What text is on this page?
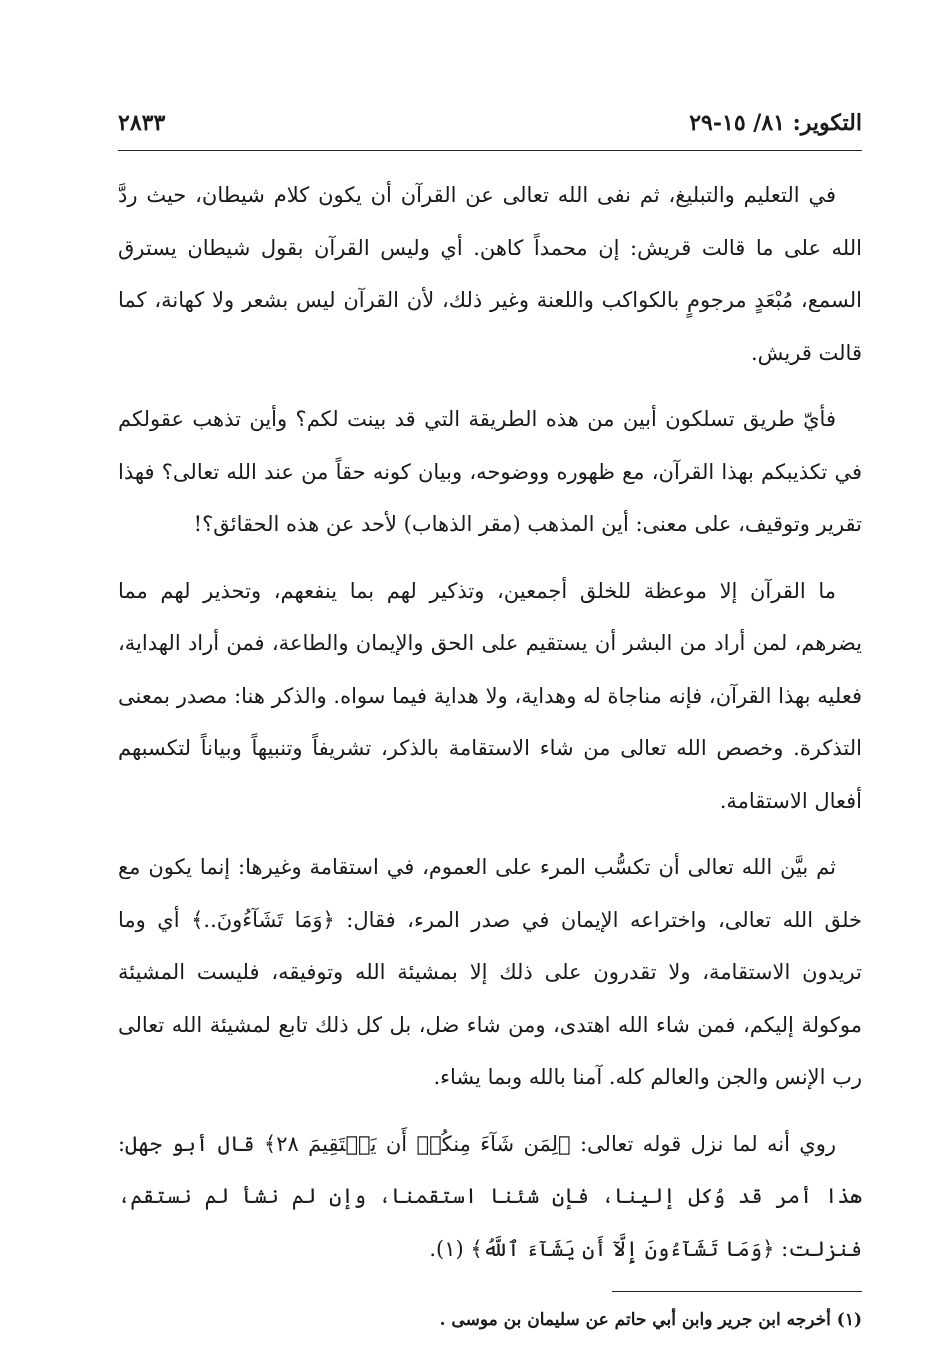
التكوير: ٨١/ ١٥-٢٩
٢٨٣٣

في التعليم والتبليغ، ثم نفى الله تعالى عن القرآن أن يكون كلام شيطان، حيث ردَّ الله على ما قالت قريش: إن محمداً كاهن. أي وليس القرآن بقول شيطان يسترق السمع، مُبْعَدٍ مرجومٍ بالكواكب واللعنة وغير ذلك، لأن القرآن ليس بشعر ولا كهانة، كما قالت قريش.

فأيّ طريق تسلكون أبين من هذه الطريقة التي قد بينت لكم؟ وأين تذهب عقولكم في تكذيبكم بهذا القرآن، مع ظهوره ووضوحه، وبيان كونه حقاً من عند الله تعالى؟ فهذا تقرير وتوقيف، على معنى: أين المذهب (مقر الذهاب) لأحد عن هذه الحقائق؟!

ما القرآن إلا موعظة للخلق أجمعين، وتذكير لهم بما ينفعهم، وتحذير لهم مما يضرهم، لمن أراد من البشر أن يستقيم على الحق والإيمان والطاعة، فمن أراد الهداية، فعليه بهذا القرآن، فإنه مناجاة له وهداية، ولا هداية فيما سواه. والذكر هنا: مصدر بمعنى التذكرة. وخصص الله تعالى من شاء الاستقامة بالذكر، تشريفاً وتنبيهاً وبياناً لتكسبهم أفعال الاستقامة.

ثم بيَّن الله تعالى أن تكسُّب المرء على العموم، في استقامة وغيرها: إنما يكون مع خلق الله تعالى، واختراعه الإيمان في صدر المرء، فقال: ﴿وَمَا تَشَآءُونَ..﴾ أي وما تريدون الاستقامة، ولا تقدرون على ذلك إلا بمشيئة الله وتوفيقه، فليست المشيئة موكولة إليكم، فمن شاء الله اهتدى، ومن شاء ضل، بل كل ذلك تابع لمشيئة الله تعالى رب الإنس والجن والعالم كله. آمنا بالله وبما يشاء.

روي أنه لما نزل قوله تعالى: ﴿لِمَن شَآءَ مِنكُمۡ أَن يَسۡتَقِيمَ ٢٨﴾ قال أبو جهل: هذا أمر قد وُكل إلينا، فإن شئنا استقمنا، وإن لم نشأ لم نستقم، فنزلت: ﴿وَمَا تَشَآءُونَ إِلَّآ أَن يَشَآءَ ٱللَّهُ﴾ (١).

(١) أخرجه ابن جرير وابن أبي حاتم عن سليمان بن موسى .
